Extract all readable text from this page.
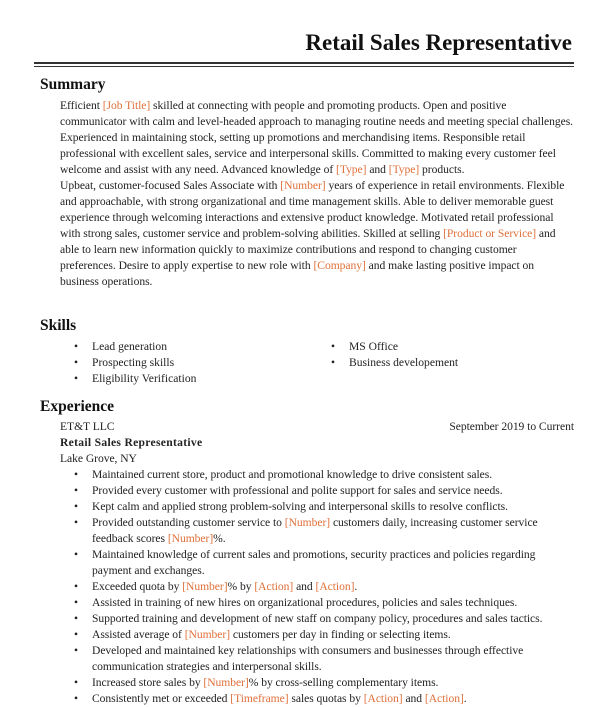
Retail Sales Representative
Summary

Efficient [Job Title] skilled at connecting with people and promoting products. Open and positive communicator with calm and level-headed approach to managing routine needs and meeting special challenges. Experienced in maintaining stock, setting up promotions and merchandising items. Responsible retail professional with excellent sales, service and interpersonal skills. Committed to making every customer feel welcome and assist with any need. Advanced knowledge of [Type] and [Type] products.

Upbeat, customer-focused Sales Associate with [Number] years of experience in retail environments. Flexible and approachable, with strong organizational and time management skills. Able to deliver memorable guest experience through welcoming interactions and extensive product knowledge. Motivated retail professional with strong sales, customer service and problem-solving abilities. Skilled at selling [Product or Service] and able to learn new information quickly to maximize contributions and respond to changing customer preferences. Desire to apply expertise to new role with [Company] and make lasting positive impact on business operations.

Skills
• Lead generation
• Prospecting skills
• Eligibility Verification
• MS Office
• Business developement
Experience
ET&T LLC	September 2019 to Current
Retail Sales Representative
Lake Grove, NY
• Maintained current store, product and promotional knowledge to drive consistent sales.
• Provided every customer with professional and polite support for sales and service needs.
• Kept calm and applied strong problem-solving and interpersonal skills to resolve conflicts.
• Provided outstanding customer service to [Number] customers daily, increasing customer service feedback scores [Number]%.
• Maintained knowledge of current sales and promotions, security practices and policies regarding payment and exchanges.
• Exceeded quota by [Number]% by [Action] and [Action].
• Assisted in training of new hires on organizational procedures, policies and sales techniques.
• Supported training and development of new staff on company policy, procedures and sales tactics.
• Assisted average of [Number] customers per day in finding or selecting items.
• Developed and maintained key relationships with consumers and businesses through effective communication strategies and interpersonal skills.
• Increased store sales by [Number]% by cross-selling complementary items.
• Consistently met or exceeded [Timeframe] sales quotas by [Action] and [Action].
